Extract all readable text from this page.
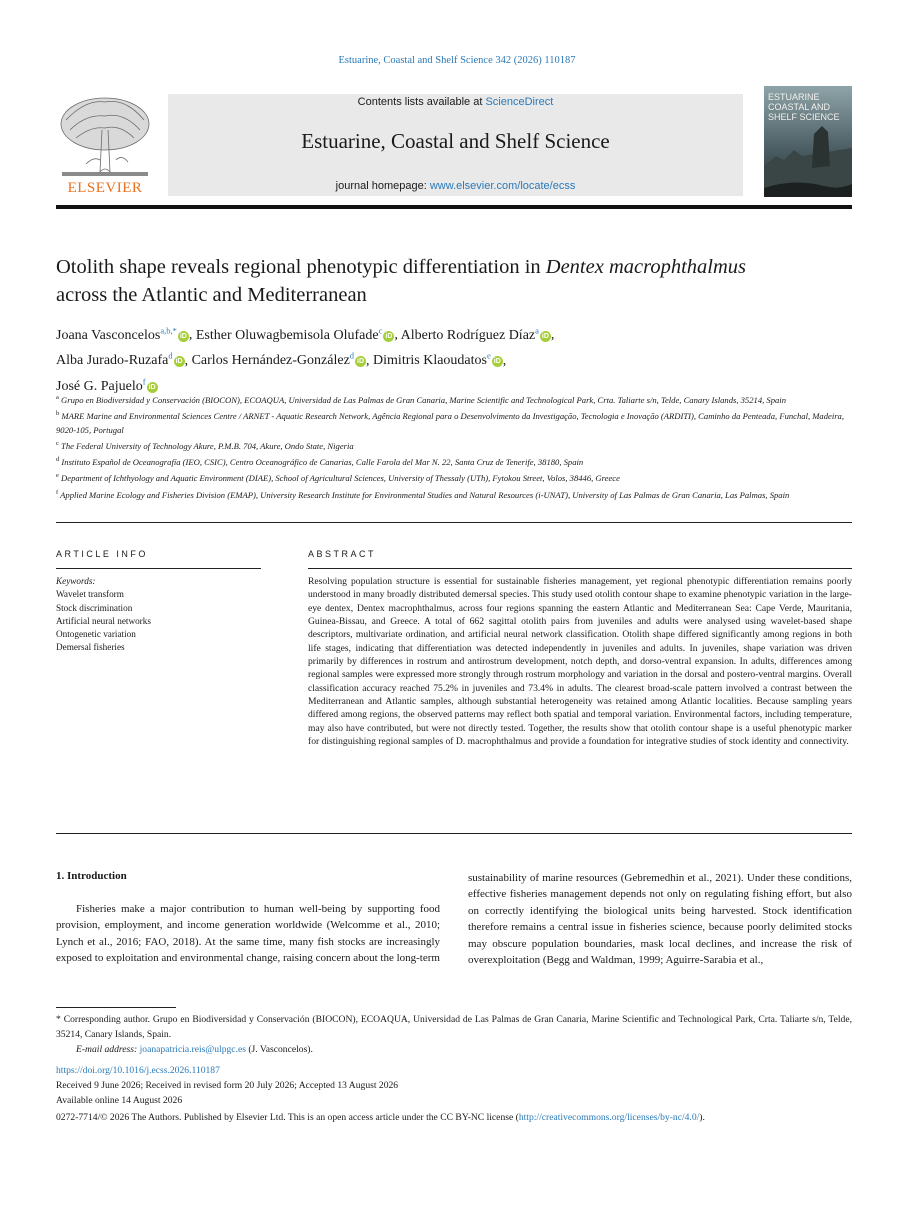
Estuarine, Coastal and Shelf Science 342 (2026) 110187
ELSEVIER
Contents lists available at ScienceDirect
Estuarine, Coastal and Shelf Science
journal homepage: www.elsevier.com/locate/ecss
ESTUARINE COASTAL AND SHELF SCIENCE
Otolith shape reveals regional phenotypic differentiation in Dentex macrophthalmus across the Atlantic and Mediterranean
Joana Vasconcelos$^{a,b,*}$iD , Esther Oluwagbemisola Olufade$^c$iD , Alberto Rodríguez Díaz$^a$iD ,
Alba Jurado-Ruzafa$^d$iD , Carlos Hernández-González$^d$iD , Dimitris Klaoudatos$^e$iD ,
José G. Pajuelo$^f$iD
$^a$ Grupo en Biodiversidad y Conservación (BIOCON), ECOAQUA, Universidad de Las Palmas de Gran Canaria, Marine Scientific and Technological Park, Crta. Taliarte s/n, Telde, Canary Islands, 35214, Spain
$^b$ MARE Marine and Environmental Sciences Centre / ARNET - Aquatic Research Network, Agência Regional para o Desenvolvimento da Investigação, Tecnologia e Inovação (ARDITI), Caminho da Penteada, Funchal, Madeira, 9020-105, Portugal
$^c$ The Federal University of Technology Akure, P.M.B. 704, Akure, Ondo State, Nigeria
$^d$ Instituto Español de Oceanografía (IEO, CSIC), Centro Oceanográfico de Canarias, Calle Farola del Mar N. 22, Santa Cruz de Tenerife, 38180, Spain
$^e$ Department of Ichthyology and Aquatic Environment (DIAE), School of Agricultural Sciences, University of Thessaly (UTh), Fytokou Street, Volos, 38446, Greece
$^f$ Applied Marine Ecology and Fisheries Division (EMAP), University Research Institute for Environmental Studies and Natural Resources (i-UNAT), University of Las Palmas de Gran Canaria, Las Palmas, Spain
ARTICLE INFO
Keywords:
Wavelet transform
Stock discrimination
Artificial neural networks
Ontogenetic variation
Demersal fisheries
ABSTRACT
Resolving population structure is essential for sustainable fisheries management, yet regional phenotypic differentiation remains poorly understood in many broadly distributed demersal species. This study used otolith contour shape to examine phenotypic variation in the large-eye dentex, Dentex macrophthalmus, across four regions spanning the eastern Atlantic and Mediterranean Sea: Cape Verde, Mauritania, Guinea-Bissau, and Greece. A total of 662 sagittal otolith pairs from juveniles and adults were analysed using wavelet-based shape descriptors, multivariate ordination, and artificial neural network classification. Otolith shape differed significantly among regions in both life stages, indicating that differentiation was detected independently in juveniles and adults. In juveniles, shape variation was driven primarily by differences in rostrum and antirostrum development, notch depth, and dorso-ventral expansion. In adults, differences among regional samples were expressed more strongly through rostrum morphology and variation in the dorsal and postero-ventral margins. Overall classification accuracy reached 75.2% in juveniles and 73.4% in adults. The clearest broad-scale pattern involved a contrast between the Mediterranean and Atlantic samples, although substantial heterogeneity was retained among Atlantic localities. Because sampling years differed among regions, the observed patterns may reflect both spatial and temporal variation. Environmental factors, including temperature, may also have contributed, but were not directly tested. Together, the results show that otolith contour shape is a useful phenotypic marker for distinguishing regional samples of D. macrophthalmus and provide a foundation for integrative studies of stock identity and connectivity.
1. Introduction
Fisheries make a major contribution to human well-being by supporting food provision, employment, and income generation worldwide (Welcomme et al., 2010; Lynch et al., 2016; FAO, 2018). At the same time, many fish stocks are increasingly exposed to exploitation and environmental change, raising concern about the long-term
sustainability of marine resources (Gebremedhin et al., 2021). Under these conditions, effective fisheries management depends not only on regulating fishing effort, but also on correctly identifying the biological units being harvested. Stock identification therefore remains a central issue in fisheries science, because poorly delimited stocks may obscure population boundaries, mask local declines, and increase the risk of overexploitation (Begg and Waldman, 1999; Aguirre-Sarabia et al.,
* Corresponding author. Grupo en Biodiversidad y Conservación (BIOCON), ECOAQUA, Universidad de Las Palmas de Gran Canaria, Marine Scientific and Technological Park, Crta. Taliarte s/n, Telde, 35214, Canary Islands, Spain.
E-mail address: joanapatricia.reis@ulpgc.es (J. Vasconcelos).
https://doi.org/10.1016/j.ecss.2026.110187
Received 9 June 2026; Received in revised form 20 July 2026; Accepted 13 August 2026
Available online 14 August 2026
0272-7714/© 2026 The Authors. Published by Elsevier Ltd. This is an open access article under the CC BY-NC license (http://creativecommons.org/licenses/by-nc/4.0/).
